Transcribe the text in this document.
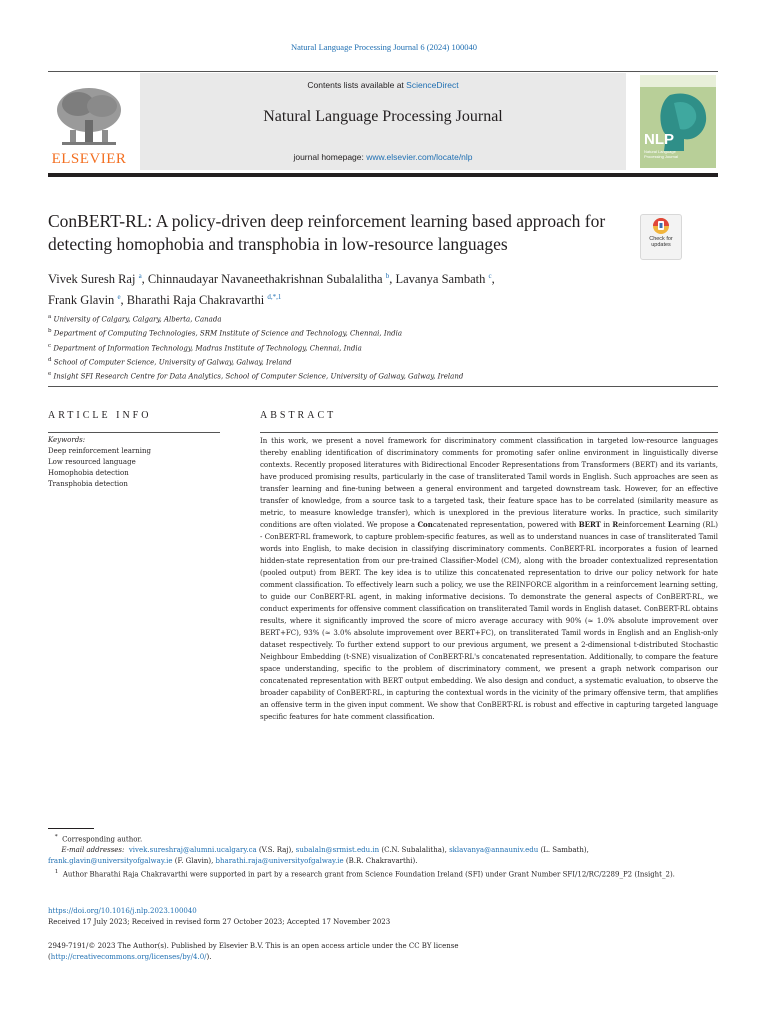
Natural Language Processing Journal 6 (2024) 100040
ELSEVIER
Contents lists available at ScienceDirect
Natural Language Processing Journal
journal homepage: www.elsevier.com/locate/nlp
NLP
Natural Language Processing Journal
ConBERT-RL: A policy-driven deep reinforcement learning based approach for detecting homophobia and transphobia in low-resource languages	Check for
updates
Vivek Suresh Raj $^a$, Chinnaudayar Navaneethakrishnan Subalalitha $^b$, Lavanya Sambath $^c$,
Frank Glavin $^e$, Bharathi Raja Chakravarthi $^{d,*,1}$
$^a$ University of Calgary, Calgary, Alberta, Canada
$^b$ Department of Computing Technologies, SRM Institute of Science and Technology, Chennai, India
$^c$ Department of Information Technology, Madras Institute of Technology, Chennai, India
$^d$ School of Computer Science, University of Galway, Galway, Ireland
$^e$ Insight SFI Research Centre for Data Analytics, School of Computer Science, University of Galway, Galway, Ireland
ARTICLE INFO
Keywords:
Deep reinforcement learning
Low resourced language
Homophobia detection
Transphobia detection
ABSTRACT

In this work, we present a novel framework for discriminatory comment classification in targeted low-resource languages thereby enabling identification of discriminatory comments for promoting safer online environment in linguistically diverse contexts. Recently proposed literatures with Bidirectional Encoder Representations from Transformers (BERT) and its variants, have produced promising results, particularly in the case of transliterated Tamil words in English. Such approaches are seen as transfer learning and fine-tuning between a general environment and targeted downstream task. However, for an effective transfer of knowledge, from a source task to a targeted task, their feature space has to be correlated (similarity measure as metric, to measure knowledge transfer), which is unexplored in the previous literature works. In practice, such similarity conditions are often violated. We propose a Concatenated representation, powered with BERT in Reinforcement Learning (RL) - ConBERT-RL framework, to capture problem-specific features, as well as to understand nuances in case of transliterated Tamil words into English, to make decision in classifying discriminatory comments. ConBERT-RL incorporates a fusion of learned hidden-state representation from our pre-trained Classifier-Model (CM), along with the broader contextualized representation (pooled output) from BERT. The key idea is to utilize this concatenated representation to drive our policy network for hate comment classification. To effectively learn such a policy, we use the REINFORCE algorithm in a reinforcement learning setting, to guide our ConBERT-RL agent, in making informative decisions. To demonstrate the general aspects of ConBERT-RL, we conduct experiments for offensive comment classification on transliterated Tamil words in English dataset. ConBERT-RL obtains results, where it significantly improved the score of micro average accuracy with 90% (≈ 1.0% absolute improvement over BERT+FC), 93% (≈ 3.0% absolute improvement over BERT+FC), on transliterated Tamil words in English and an English-only dataset respectively. To further extend support to our previous argument, we present a 2-dimensional t-distributed Stochastic Neighbour Embedding (t-SNE) visualization of ConBERT-RL's concatenated representation. Additionally, to compare the feature space understanding, specific to the problem of discriminatory comment, we present a graph network comparison our concatenated representation with BERT output embedding. We also design and conduct, a systematic evaluation, to observe the broader capability of ConBERT-RL, in capturing the contextual words in the vicinity of the primary offensive term, that amplifies an offensive term in the given input comment. We show that ConBERT-RL is robust and effective in capturing targeted language specific features for hate comment classification.

* Corresponding author.
E-mail addresses: vivek.sureshraj@alumni.ucalgary.ca (V.S. Raj), subalaln@srmist.edu.in (C.N. Subalalitha), sklavanya@annauniv.edu (L. Sambath),
frank.glavin@universityofgalway.ie (F. Glavin), bharathi.raja@universityofgalway.ie (B.R. Chakravarthi).
$^1$ Author Bharathi Raja Chakravarthi were supported in part by a research grant from Science Foundation Ireland (SFI) under Grant Number SFI/12/RC/2289_P2 (Insight_2).
https://doi.org/10.1016/j.nlp.2023.100040
Received 17 July 2023; Received in revised form 27 October 2023; Accepted 17 November 2023
2949-7191/© 2023 The Author(s). Published by Elsevier B.V. This is an open access article under the CC BY license
(http://creativecommons.org/licenses/by/4.0/).
